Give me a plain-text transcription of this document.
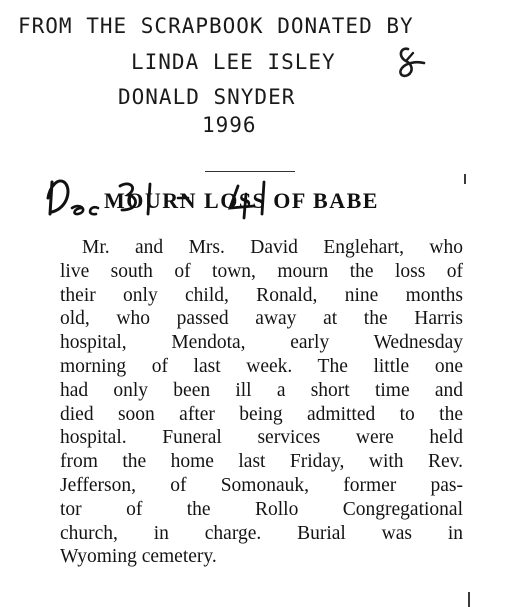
FROM THE SCRAPBOOK DONATED BY
LINDA LEE ISLEY
DONALD SNYDER
1996
MOURN LOSS OF BABE
Mr. and Mrs. David Englehart, who
live south of town, mourn the loss of
their only child, Ronald, nine months
old, who passed away at the Harris
hospital, Mendota, early Wednesday
morning of last week. The little one
had only been ill a short time and
died soon after being admitted to the
hospital. Funeral services were held
from the home last Friday, with Rev.
Jefferson, of Somonauk, former pas-
tor of the Rollo Congregational
church, in charge. Burial was in
Wyoming cemetery.
